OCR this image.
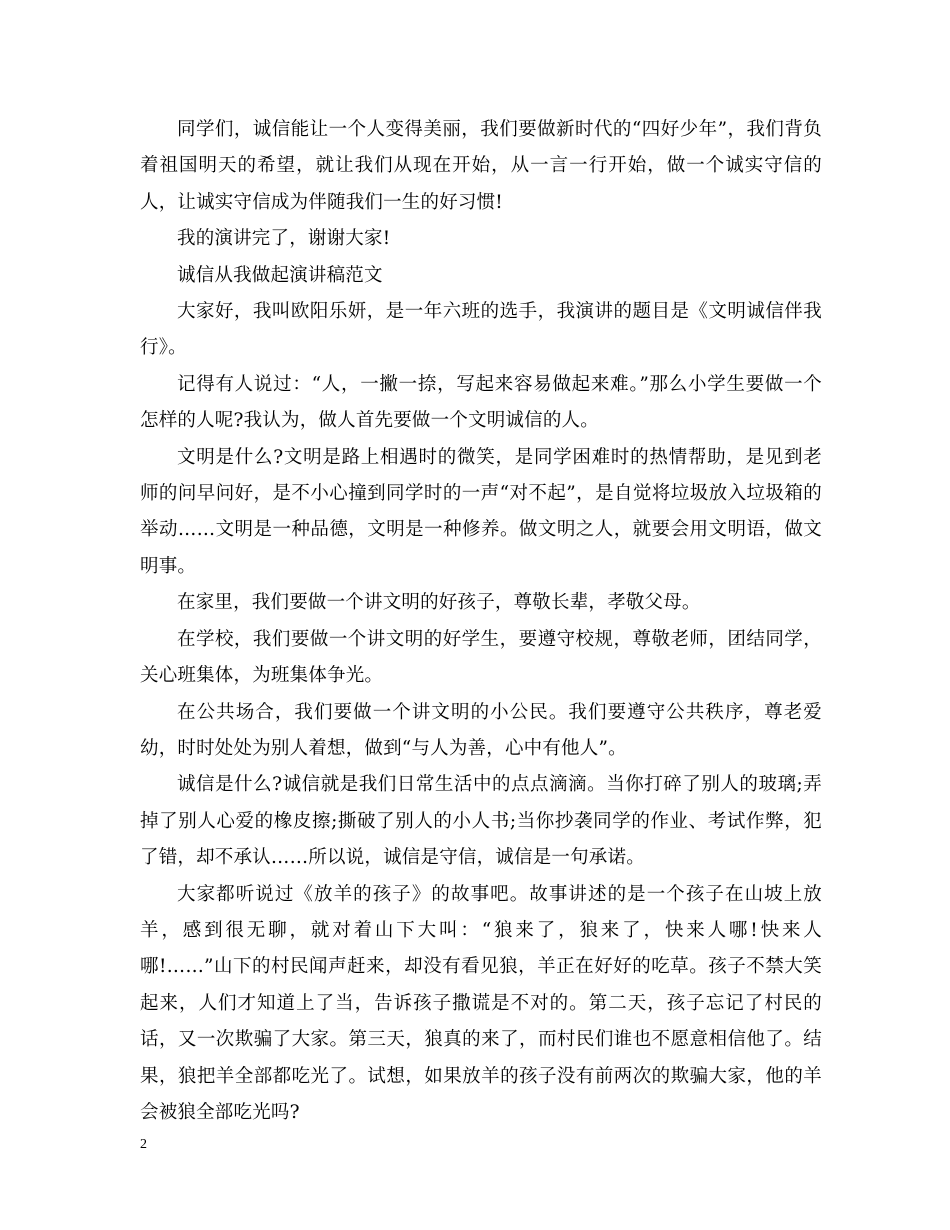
同学们，诚信能让一个人变得美丽，我们要做新时代的“四好少年”，我们背负着祖国明天的希望，就让我们从现在开始，从一言一行开始，做一个诚实守信的人，让诚实守信成为伴随我们一生的好习惯!

我的演讲完了，谢谢大家!

诚信从我做起演讲稿范文

大家好，我叫欧阳乐妍，是一年六班的选手，我演讲的题目是《文明诚信伴我行》。

记得有人说过：“人，一撇一捺，写起来容易做起来难。”那么小学生要做一个怎样的人呢?我认为，做人首先要做一个文明诚信的人。

文明是什么?文明是路上相遇时的微笑，是同学困难时的热情帮助，是见到老师的问早问好，是不小心撞到同学时的一声“对不起”，是自觉将垃圾放入垃圾箱的举动……文明是一种品德，文明是一种修养。做文明之人，就要会用文明语，做文明事。

在家里，我们要做一个讲文明的好孩子，尊敬长辈，孝敬父母。

在学校，我们要做一个讲文明的好学生，要遵守校规，尊敬老师，团结同学，关心班集体，为班集体争光。

在公共场合，我们要做一个讲文明的小公民。我们要遵守公共秩序，尊老爱幼，时时处处为别人着想，做到“与人为善，心中有他人”。

诚信是什么?诚信就是我们日常生活中的点点滴滴。当你打碎了别人的玻璃;弄掉了别人心爱的橡皮擦;撕破了别人的小人书;当你抄袭同学的作业、考试作弊，犯了错，却不承认……所以说，诚信是守信，诚信是一句承诺。

大家都听说过《放羊的孩子》的故事吧。故事讲述的是一个孩子在山坡上放羊，感到很无聊，就对着山下大叫：“狼来了，狼来了，快来人哪!快来人哪!……”山下的村民闻声赶来，却没有看见狼，羊正在好好的吃草。孩子不禁大笑起来，人们才知道上了当，告诉孩子撒谎是不对的。第二天，孩子忘记了村民的话，又一次欺骗了大家。第三天，狼真的来了，而村民们谁也不愿意相信他了。结果，狼把羊全部都吃光了。试想，如果放羊的孩子没有前两次的欺骗大家，他的羊会被狼全部吃光吗?

2
